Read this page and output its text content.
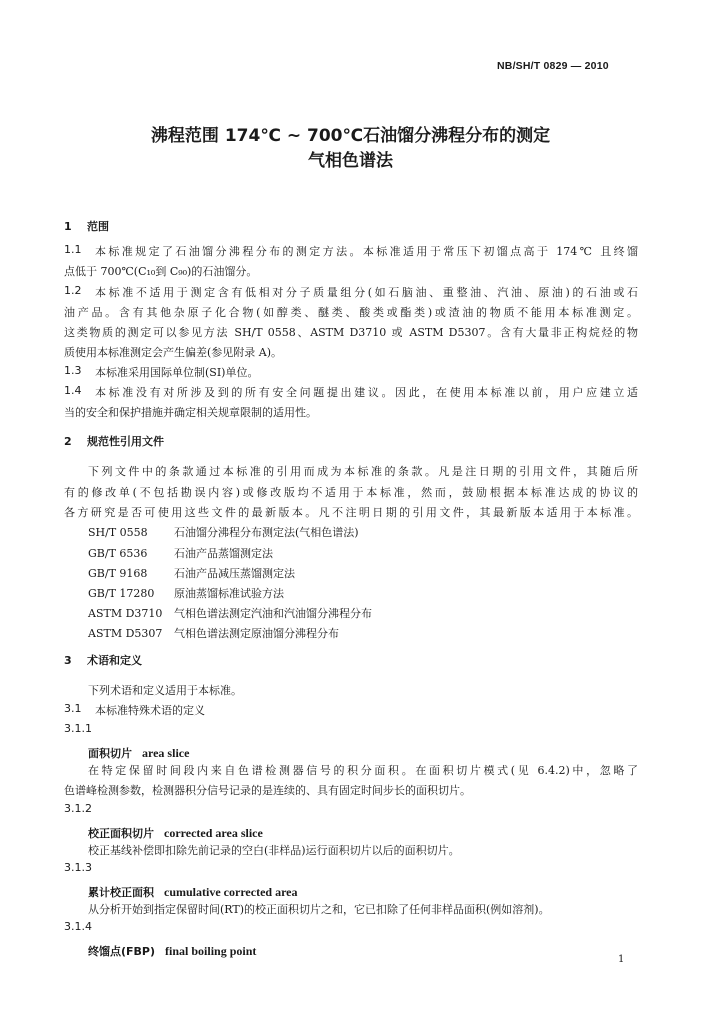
NB/SH/T 0829 — 2010
沸程范围 174℃ ~ 700℃石油馏分沸程分布的测定
气相色谱法
1 范围
1.1 本标准规定了石油馏分沸程分布的测定方法。本标准适用于常压下初馏点高于 174℃ 且终馏
点低于 700℃(C₁₀到 C₉₀)的石油馏分。
1.2 本标准不适用于测定含有低相对分子质量组分(如石脑油、重整油、汽油、原油)的石油或石
油产品。含有其他杂原子化合物(如醇类、醚类、酸类或酯类)或渣油的物质不能用本标准测定。
这类物质的测定可以参见方法 SH/T 0558、ASTM D3710 或 ASTM D5307。含有大量非正构烷烃的物
质使用本标准测定会产生偏差(参见附录 A)。
1.3 本标准采用国际单位制(SI)单位。
1.4 本标准没有对所涉及到的所有安全问题提出建议。因此，在使用本标准以前，用户应建立适
当的安全和保护措施并确定相关规章限制的适用性。
2 规范性引用文件
下列文件中的条款通过本标准的引用而成为本标准的条款。凡是注日期的引用文件，其随后所
有的修改单(不包括勘误内容)或修改版均不适用于本标准，然而，鼓励根据本标准达成的协议的
各方研究是否可使用这些文件的最新版本。凡不注明日期的引用文件，其最新版本适用于本标准。
SH/T 0558 石油馏分沸程分布测定法(气相色谱法)
GB/T 6536 石油产品蒸馏测定法
GB/T 9168 石油产品减压蒸馏测定法
GB/T 17280 原油蒸馏标准试验方法
ASTM D3710 气相色谱法测定汽油和汽油馏分沸程分布
ASTM D5307 气相色谱法测定原油馏分沸程分布
3 术语和定义
下列术语和定义适用于本标准。
3.1 本标准特殊术语的定义
3.1.1
面积切片 area slice
在特定保留时间段内来自色谱检测器信号的积分面积。在面积切片模式(见 6.4.2)中，忽略了
色谱峰检测参数，检测器积分信号记录的是连续的、具有固定时间步长的面积切片。
3.1.2
校正面积切片 corrected area slice
校正基线补偿即扣除先前记录的空白(非样品)运行面积切片以后的面积切片。
3.1.3
累计校正面积 cumulative corrected area
从分析开始到指定保留时间(RT)的校正面积切片之和，它已扣除了任何非样品面积(例如溶剂)。
3.1.4
终馏点(FBP) final boiling point
1
